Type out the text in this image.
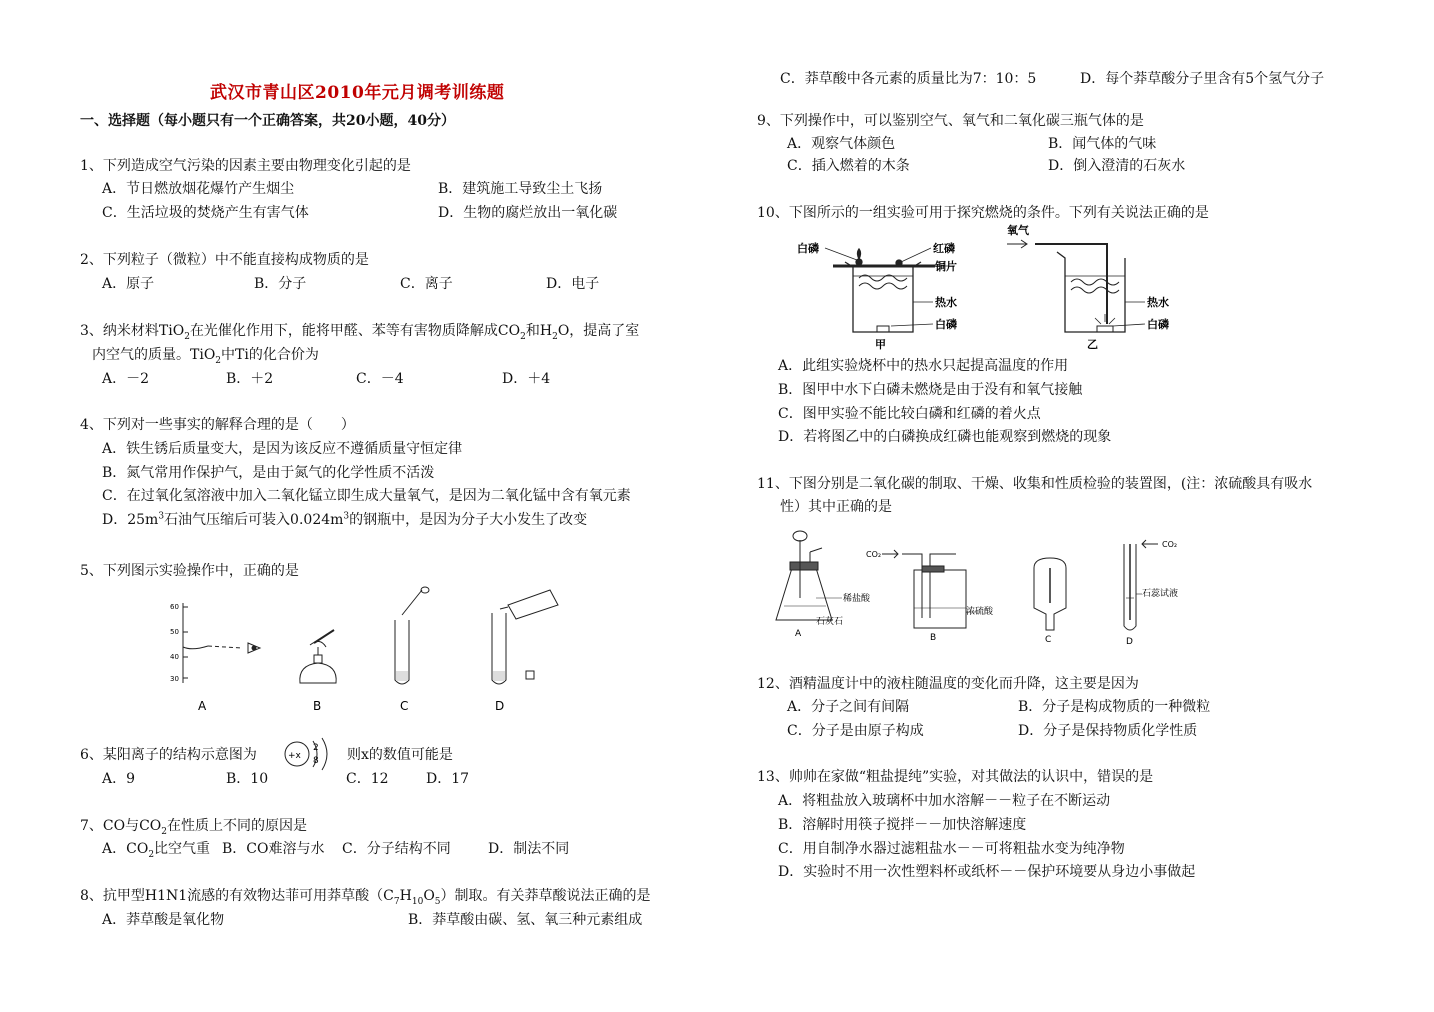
武汉市青山区2010年元月调考训练题
一、选择题（每小题只有一个正确答案，共20小题，40分）
1、下列造成空气污染的因素主要由物理变化引起的是
A．节日燃放烟花爆竹产生烟尘	B．建筑施工导致尘土飞扬
C．生活垃圾的焚烧产生有害气体	D．生物的腐烂放出一氧化碳
2、下列粒子（微粒）中不能直接构成物质的是
A．原子	B．分子	C．离子	D．电子
3、纳米材料TiO$_2$在光催化作用下，能将甲醛、苯等有害物质降解成$CO_2$和$H_2O$，提高了室
内空气的质量。TiO$_2$中Ti的化合价为
A．－2	B．＋2	C．－4	D．＋4
4、下列对一些事实的解释合理的是（　　）
A．铁生锈后质量变大，是因为该反应不遵循质量守恒定律
B．氮气常用作保护气，是由于氮气的化学性质不活泼
C．在过氧化氢溶液中加入二氧化锰立即生成大量氧气，是因为二氧化锰中含有氧元素
D．$25m^3$石油气压缩后可装入$0.024m^3$的钢瓶中，是因为分子大小发生了改变
5、下列图示实验操作中，正确的是
60
50
40
30
A	B	C	D
6、某阳离子的结构示意图为	+x
2
8 则x的数值可能是
A．9	B．10	C．12	D．17
7、CO与$CO_2$在性质上不同的原因是
A．$CO_2$比空气重 B．CO难溶与水 C．分子结构不同	D．制法不同
8、抗甲型H1N1流感的有效物达菲可用莽草酸$(C_7H_{10}O_5)$制取。有关莽草酸说法正确的是
A．莽草酸是氧化物	B．莽草酸由碳、氢、氧三种元素组成
C．莽草酸中各元素的质量比为7：10：5	D．每个莽草酸分子里含有5个氢气分子
9、下列操作中，可以鉴别空气、氧气和二氧化碳三瓶气体的是
A．观察气体颜色	B．闻气体的气味
C．插入燃着的木条	D．倒入澄清的石灰水
10、下图所示的一组实验可用于探究燃烧的条件。下列有关说法正确的是
白磷	红磷
铜片
热水
白磷
甲
氧气
热水
白磷
乙
A．此组实验烧杯中的热水只起提高温度的作用
B．图甲中水下白磷未燃烧是由于没有和氧气接触
C．图甲实验不能比较白磷和红磷的着火点
D．若将图乙中的白磷换成红磷也能观察到燃烧的现象
11、下图分别是二氧化碳的制取、干燥、收集和性质检验的装置图，(注：浓硫酸具有吸水
性）其中正确的是
稀盐酸
石灰石
A
CO₂
浓硫酸
B	C
CO₂
石蕊试液
D
12、酒精温度计中的液柱随温度的变化而升降，这主要是因为
A．分子之间有间隔	B．分子是构成物质的一种微粒
C．分子是由原子构成	D．分子是保持物质化学性质
13、帅帅在家做“粗盐提纯”实验，对其做法的认识中，错误的是
A．将粗盐放入玻璃杯中加水溶解－－粒子在不断运动
B．溶解时用筷子搅拌－－加快溶解速度
C．用自制净水器过滤粗盐水－－可将粗盐水变为纯净物
D．实验时不用一次性塑料杯或纸杯－－保护环境要从身边小事做起
